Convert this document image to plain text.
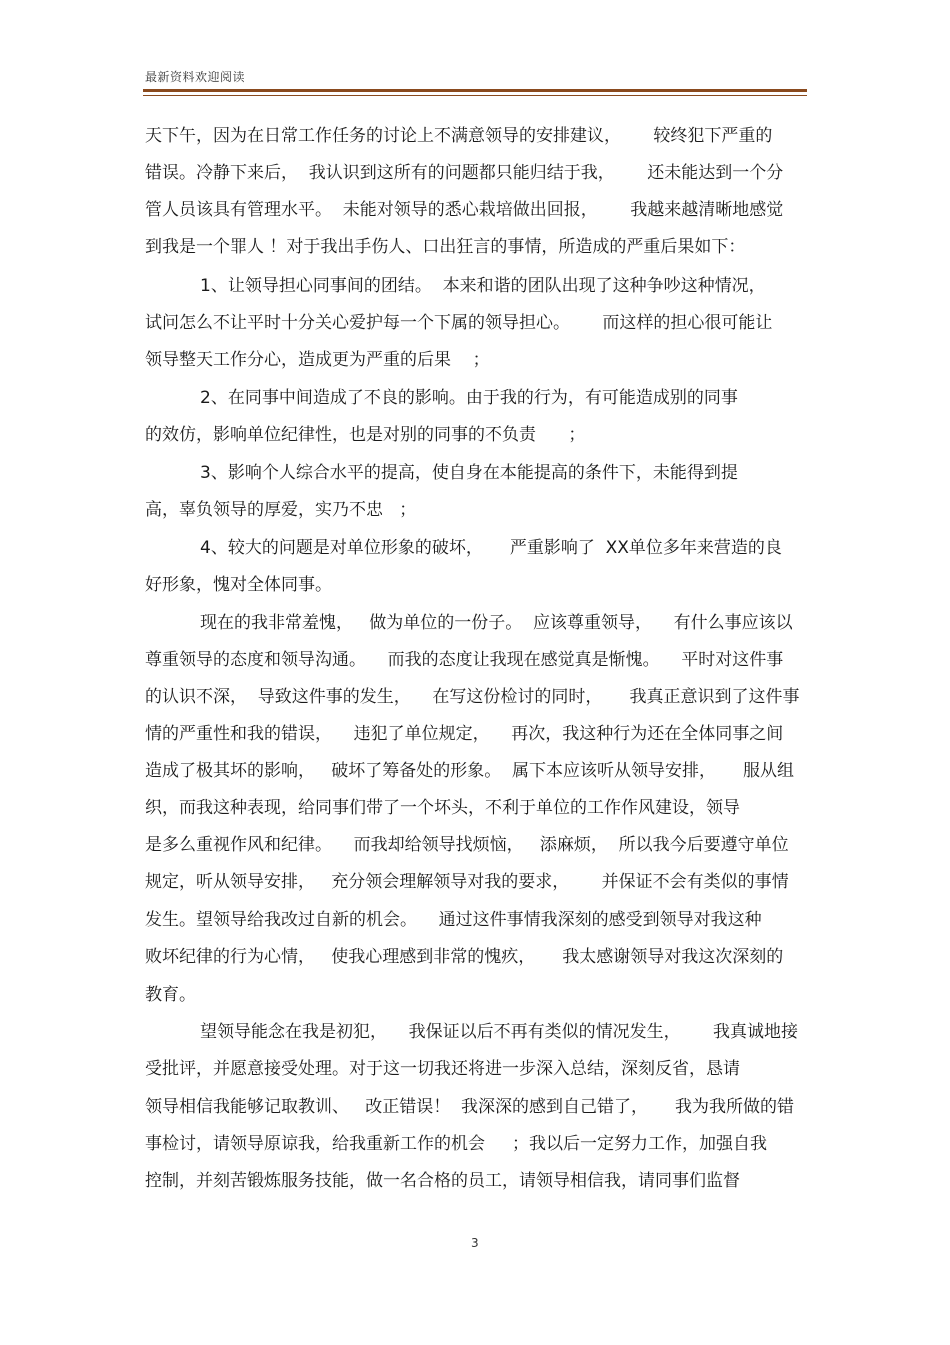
最新资料欢迎阅读
天下午，因为在日常工作任务的讨论上不满意领导的安排建议，      较终犯下严重的
错误。冷静下来后，  我认识到这所有的问题都只能归结于我，      还未能达到一个分
管人员该具有管理水平。  未能对领导的悉心栽培做出回报，      我越来越清晰地感觉
到我是一个罪人 ！对于我出手伤人、口出狂言的事情，所造成的严重后果如下：
1、让领导担心同事间的团结。  本来和谐的团队出现了这种争吵这种情况，
试问怎么不让平时十分关心爱护每一个下属的领导担心。      而这样的担心很可能让
领导整天工作分心，造成更为严重的后果    ；
2、在同事中间造成了不良的影响。由于我的行为，有可能造成别的同事
的效仿，影响单位纪律性，也是对别的同事的不负责      ；
3、影响个人综合水平的提高，使自身在本能提高的条件下，未能得到提
高，辜负领导的厚爱，实乃不忠   ；
4、较大的问题是对单位形象的破坏，     严重影响了  XX单位多年来营造的良
好形象，愧对全体同事。
现在的我非常羞愧，   做为单位的一份子。  应该尊重领导，    有什么事应该以
尊重领导的态度和领导沟通。    而我的态度让我现在感觉真是惭愧。    平时对这件事
的认识不深，  导致这件事的发生，    在写这份检讨的同时，     我真正意识到了这件事
情的严重性和我的错误，    违犯了单位规定，    再次，我这种行为还在全体同事之间
造成了极其坏的影响，   破坏了筹备处的形象。  属下本应该听从领导安排，     服从组
织，而我这种表现，给同事们带了一个坏头，不利于单位的工作作风建设，领导
是多么重视作风和纪律。    而我却给领导找烦恼，   添麻烦，  所以我今后要遵守单位
规定，听从领导安排，   充分领会理解领导对我的要求，      并保证不会有类似的事情
发生。望领导给我改过自新的机会。    通过这件事情我深刻的感受到领导对我这种
败坏纪律的行为心情，   使我心理感到非常的愧疚，     我太感谢领导对我这次深刻的
教育。
望领导能念在我是初犯，    我保证以后不再有类似的情况发生，      我真诚地接
受批评，并愿意接受处理。对于这一切我还将进一步深入总结，深刻反省，恳请
领导相信我能够记取教训、   改正错误！  我深深的感到自己错了，     我为我所做的错
事检讨，请领导原谅我，给我重新工作的机会     ；我以后一定努力工作，加强自我
控制，并刻苦锻炼服务技能，做一名合格的员工，请领导相信我，请同事们监督
3
